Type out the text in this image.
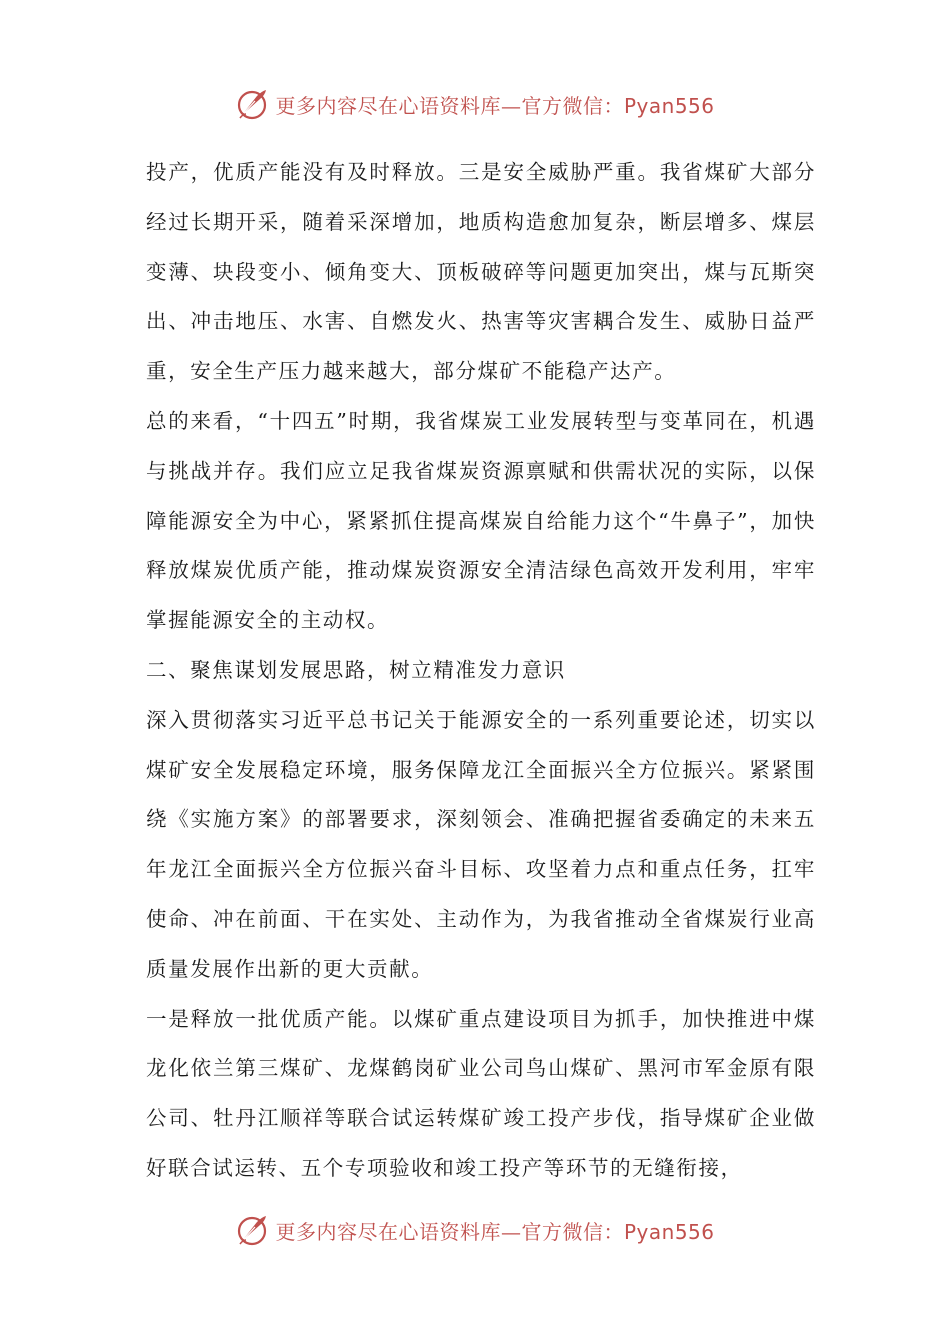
更多内容尽在心语资料库—官方微信：Pyan556

投产，优质产能没有及时释放。三是安全威胁严重。我省煤矿大部分经过长期开采，随着采深增加，地质构造愈加复杂，断层增多、煤层变薄、块段变小、倾角变大、顶板破碎等问题更加突出，煤与瓦斯突出、冲击地压、水害、自燃发火、热害等灾害耦合发生、威胁日益严重，安全生产压力越来越大，部分煤矿不能稳产达产。

总的来看，“十四五”时期，我省煤炭工业发展转型与变革同在，机遇与挑战并存。我们应立足我省煤炭资源禀赋和供需状况的实际，以保障能源安全为中心，紧紧抓住提高煤炭自给能力这个“牛鼻子”，加快释放煤炭优质产能，推动煤炭资源安全清洁绿色高效开发利用，牢牢掌握能源安全的主动权。

二、聚焦谋划发展思路，树立精准发力意识

深入贯彻落实习近平总书记关于能源安全的一系列重要论述，切实以煤矿安全发展稳定环境，服务保障龙江全面振兴全方位振兴。紧紧围绕《实施方案》的部署要求，深刻领会、准确把握省委确定的未来五年龙江全面振兴全方位振兴奋斗目标、攻坚着力点和重点任务，扛牢使命、冲在前面、干在实处、主动作为，为我省推动全省煤炭行业高质量发展作出新的更大贡献。

一是释放一批优质产能。以煤矿重点建设项目为抓手，加快推进中煤龙化依兰第三煤矿、龙煤鹤岗矿业公司鸟山煤矿、黑河市军金原有限公司、牡丹江顺祥等联合试运转煤矿竣工投产步伐，指导煤矿企业做好联合试运转、五个专项验收和竣工投产等环节的无缝衔接，

更多内容尽在心语资料库—官方微信：Pyan556
